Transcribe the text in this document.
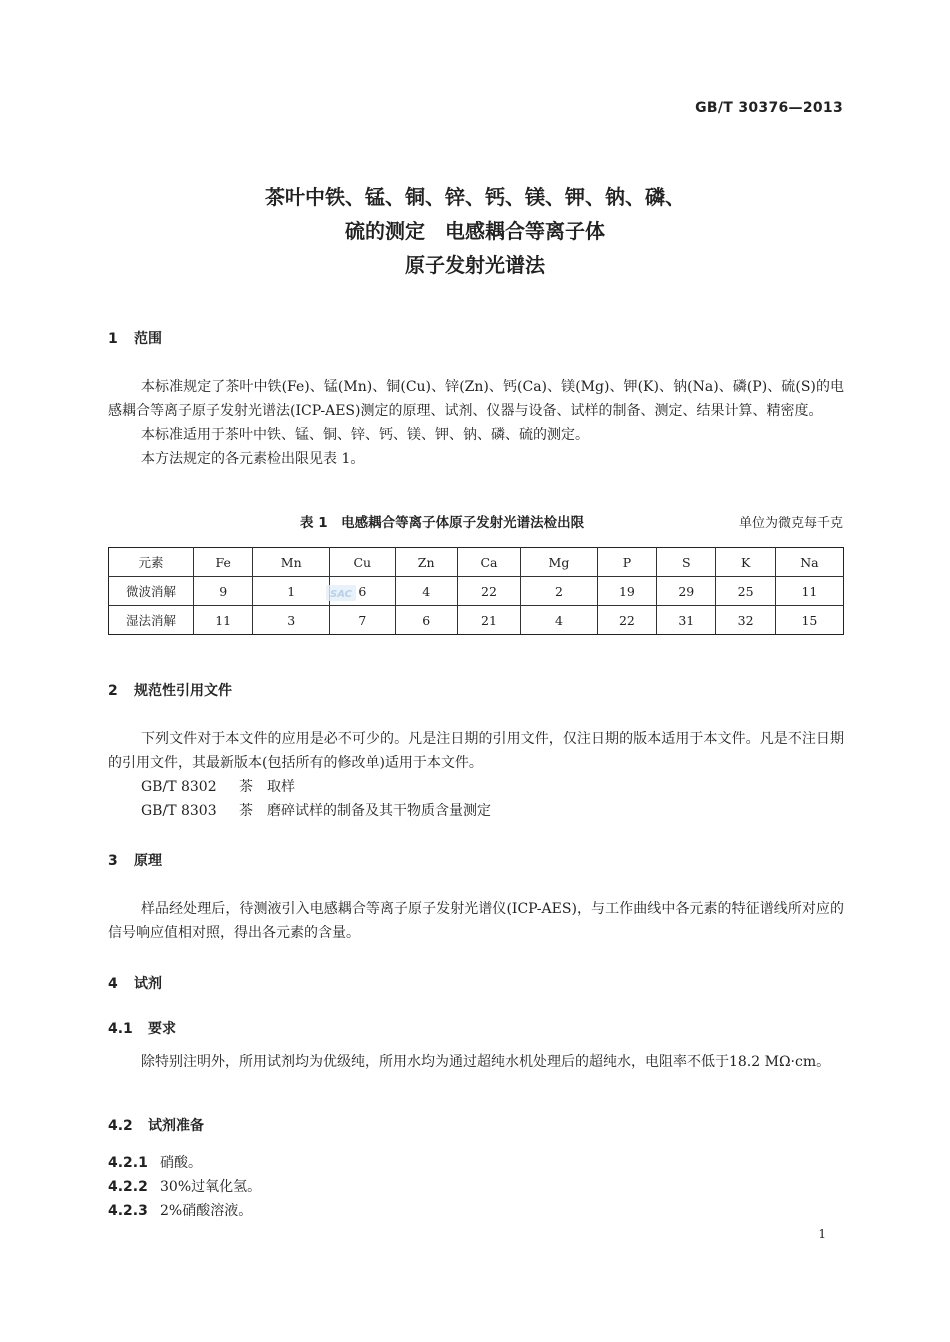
GB/T 30376—2013
茶叶中铁、锰、铜、锌、钙、镁、钾、钠、磷、
硫的测定　电感耦合等离子体
原子发射光谱法
1 范围

本标准规定了茶叶中铁(Fe)、锰(Mn)、铜(Cu)、锌(Zn)、钙(Ca)、镁(Mg)、钾(K)、钠(Na)、磷(P)、硫(S)的电感耦合等离子原子发射光谱法(ICP-AES)测定的原理、试剂、仪器与设备、试样的制备、测定、结果计算、精密度。

本标准适用于茶叶中铁、锰、铜、锌、钙、镁、钾、钠、磷、硫的测定。

本方法规定的各元素检出限见表 1。

表 1　电感耦合等离子体原子发射光谱法检出限	单位为微克每千克
元素	Fe	Mn	Cu	Zn	Ca	Mg	P	S	K	Na
微波消解	9	1	6	4	22	2	19	29	25	11
湿法消解	11	3	7	6	21	4	22	31	32	15
SAC
2 规范性引用文件

下列文件对于本文件的应用是必不可少的。凡是注日期的引用文件，仅注日期的版本适用于本文件。凡是不注日期的引用文件，其最新版本(包括所有的修改单)适用于本文件。

GB/T 8302 茶　取样

GB/T 8303 茶　磨碎试样的制备及其干物质含量测定

3 原理

样品经处理后，待测液引入电感耦合等离子原子发射光谱仪(ICP-AES)，与工作曲线中各元素的特征谱线所对应的信号响应值相对照，得出各元素的含量。

4 试剂
4.1 要求

除特别注明外，所用试剂均为优级纯，所用水均为通过超纯水机处理后的超纯水，电阻率不低于18.2 MΩ·cm。

4.2 试剂准备
4.2.1 硝酸。
4.2.2 30%过氧化氢。
4.2.3 2%硝酸溶液。
1
